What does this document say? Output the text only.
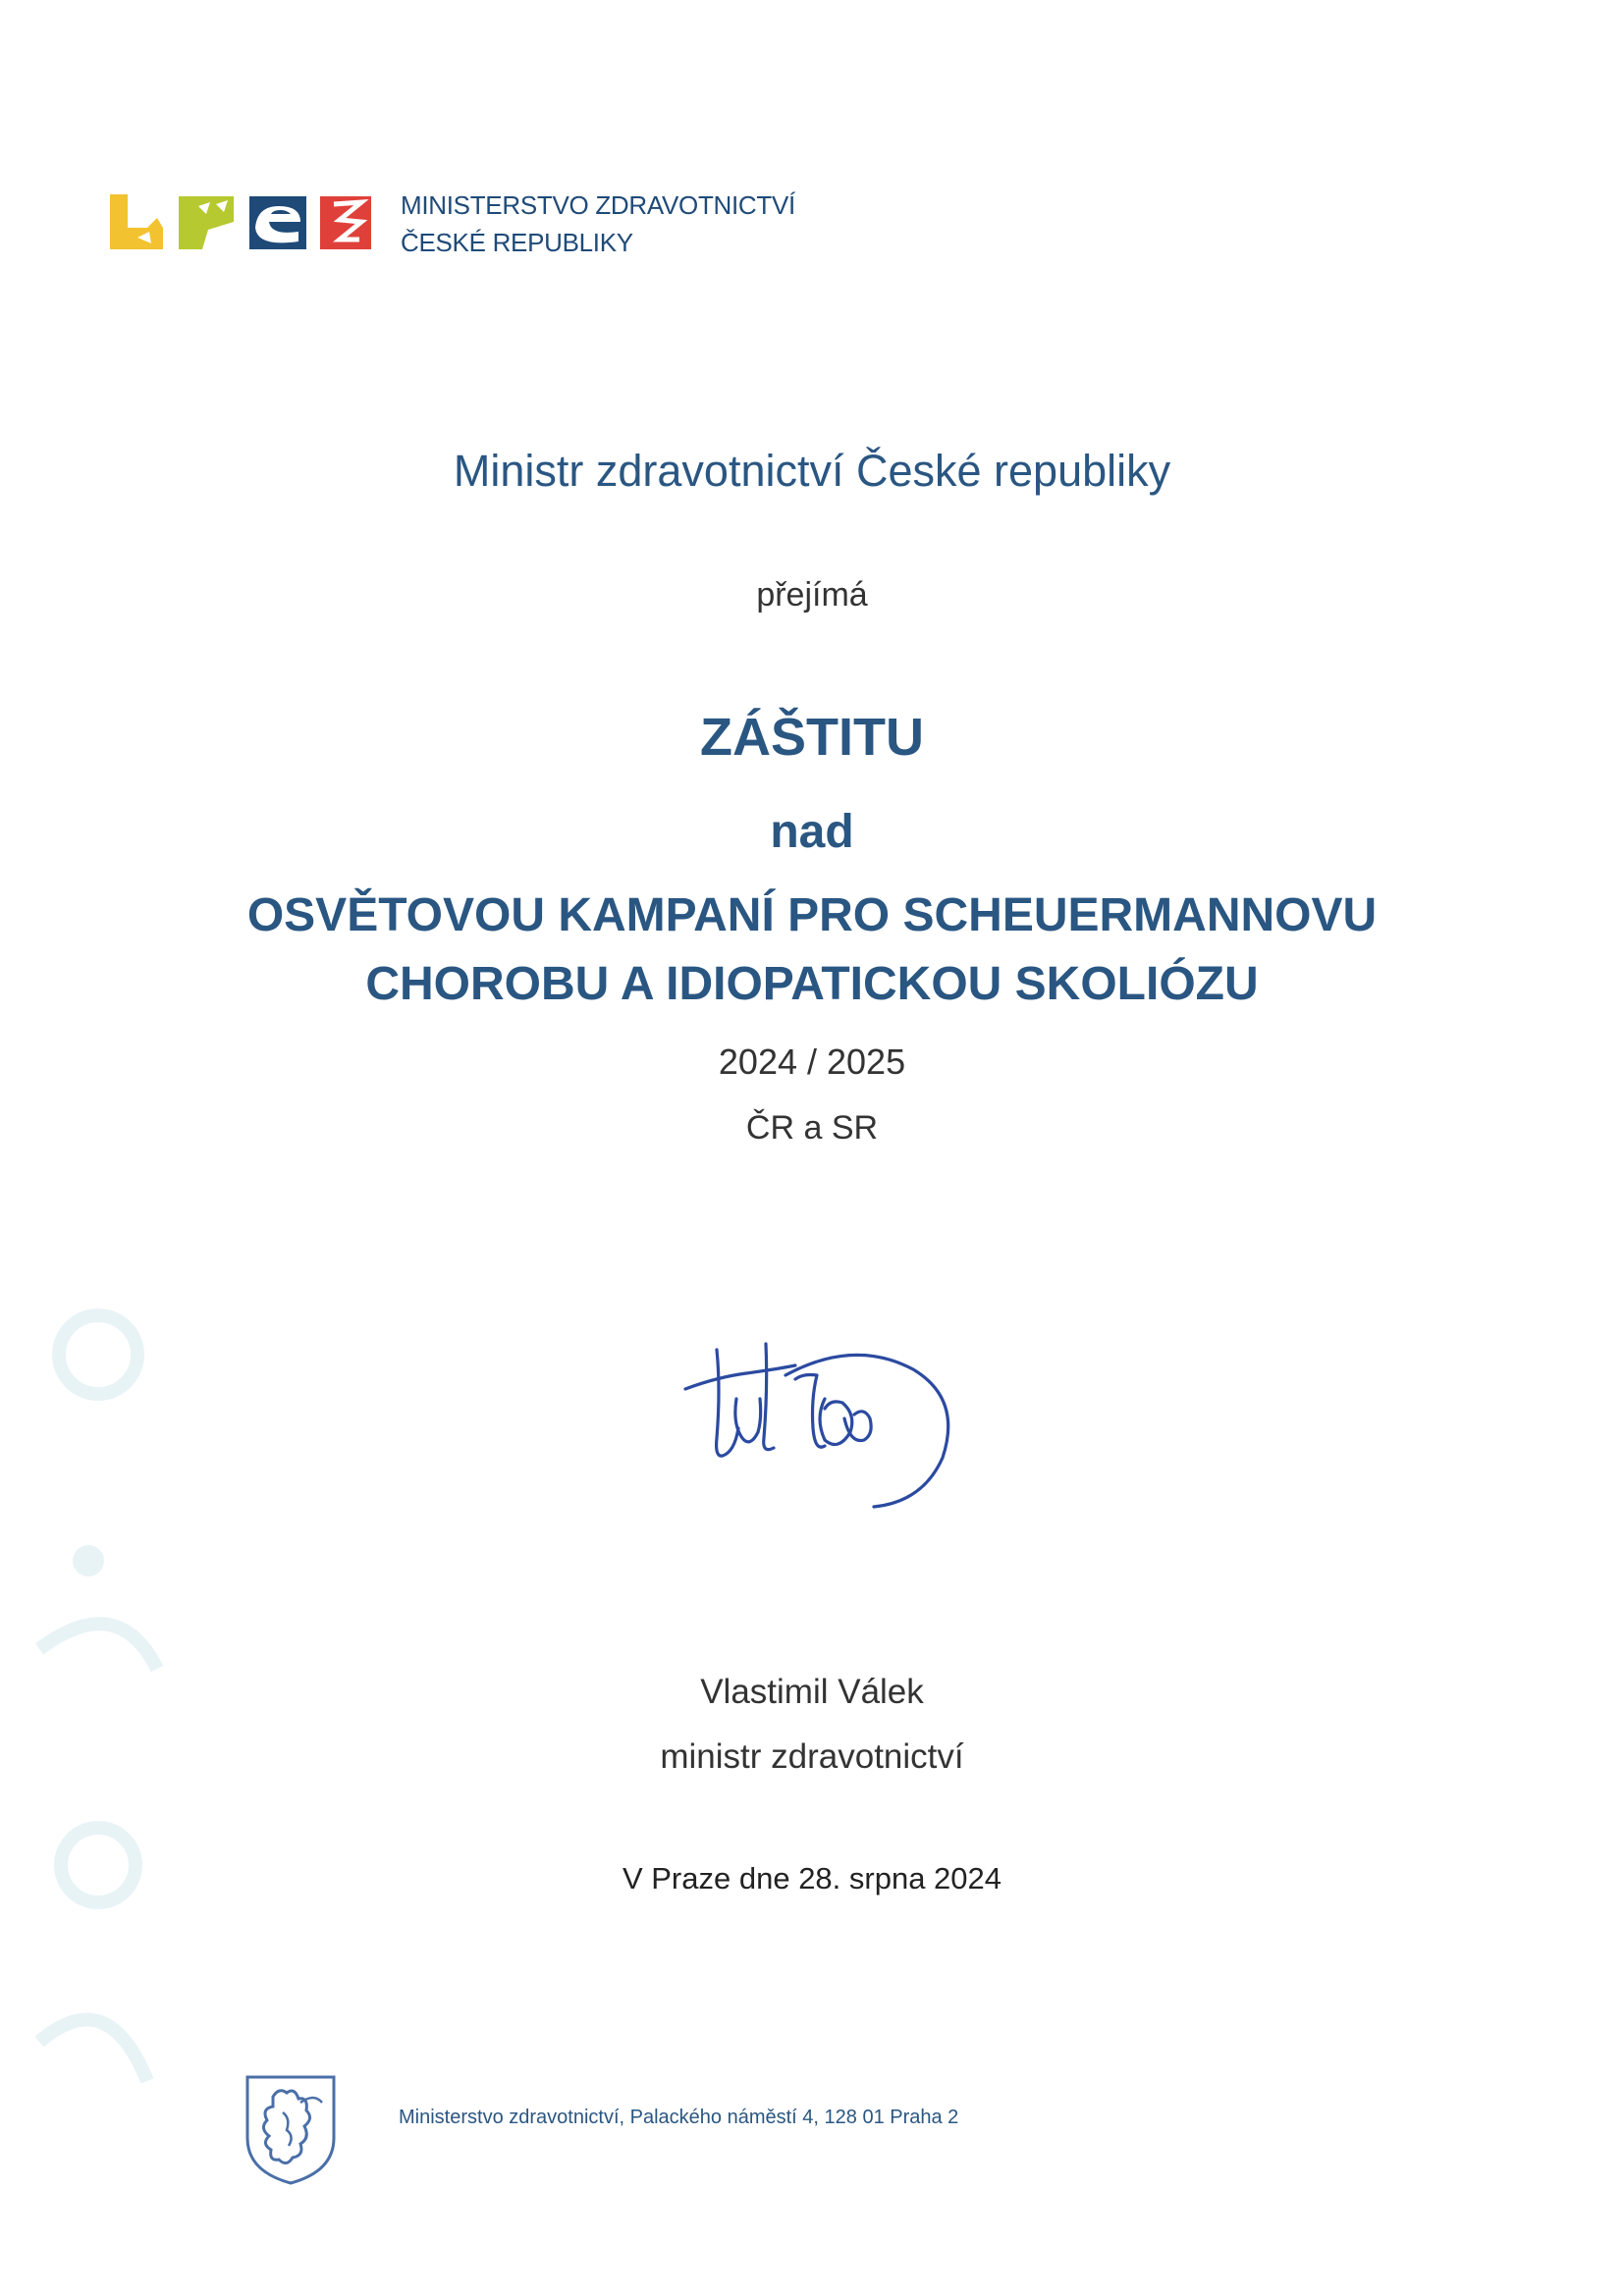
MINISTERSTVO ZDRAVOTNICTVÍ
ČESKÉ REPUBLIKY
Ministr zdravotnictví České republiky
přejímá
ZÁŠTITU
nad
OSVĚTOVOU KAMPANÍ PRO SCHEUERMANNOVU
CHOROBU A IDIOPATICKOU SKOLIÓZU
2024 / 2025
ČR a SR
Vlastimil Válek
ministr zdravotnictví
V Praze dne 28. srpna 2024
Ministerstvo zdravotnictví, Palackého náměstí 4, 128 01 Praha 2
